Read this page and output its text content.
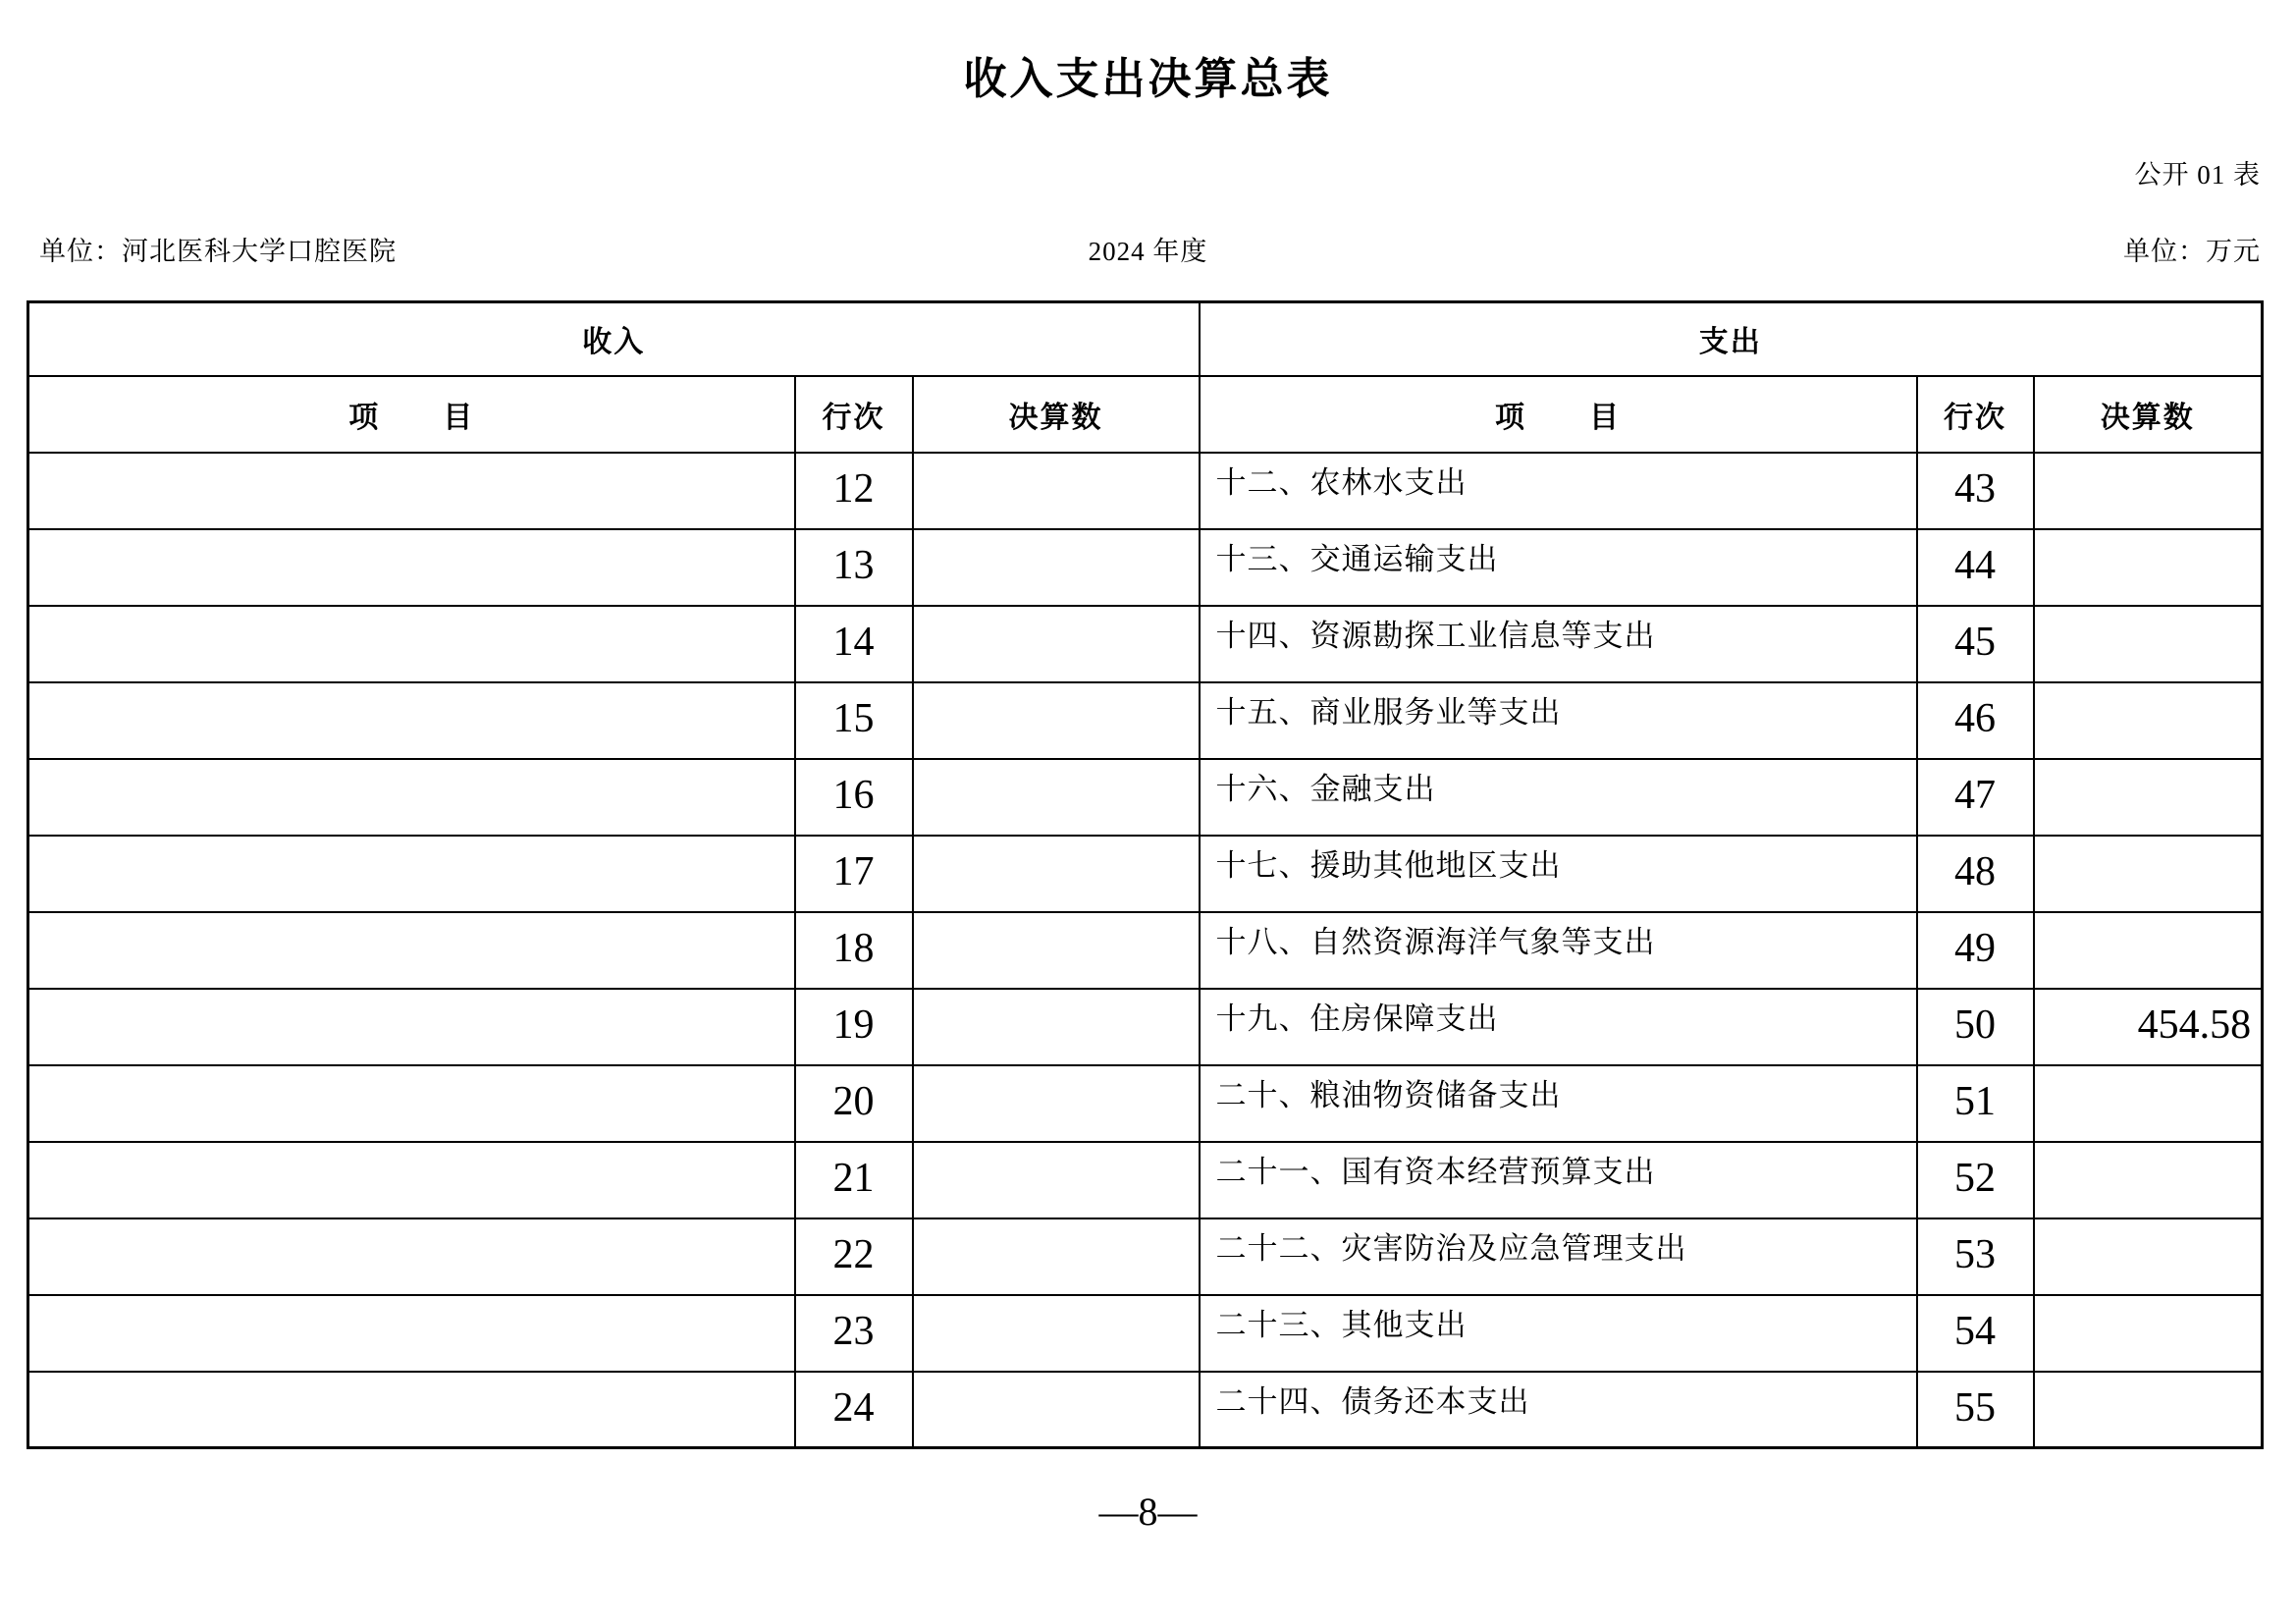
收入支出决算总表
公开 01 表
单位：河北医科大学口腔医院	2024 年度	单位：万元
收入			支出		
项　　目	行次	决算数	项　　目	行次	决算数
	12		十二、农林水支出	43	
	13		十三、交通运输支出	44	
	14		十四、资源勘探工业信息等支出	45	
	15		十五、商业服务业等支出	46	
	16		十六、金融支出	47	
	17		十七、援助其他地区支出	48	
	18		十八、自然资源海洋气象等支出	49	
	19		十九、住房保障支出	50	454.58
	20		二十、粮油物资储备支出	51	
	21		二十一、国有资本经营预算支出	52	
	22		二十二、灾害防治及应急管理支出	53	
	23		二十三、其他支出	54	
	24		二十四、债务还本支出	55	
—8—
